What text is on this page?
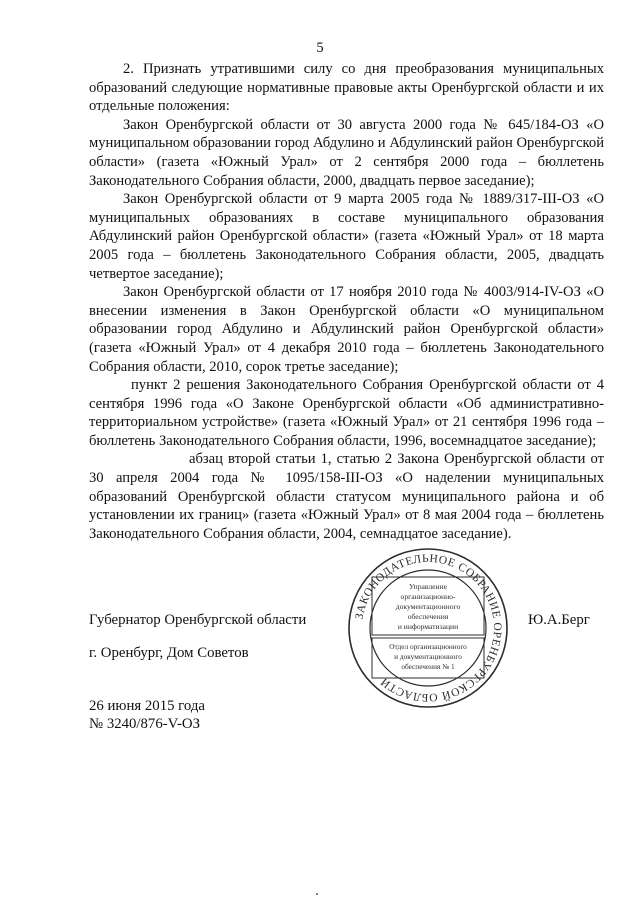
5

2. Признать утратившими силу со дня преобразования муниципальных образований следующие нормативные правовые акты Оренбургской области и их отдельные положения:

Закон Оренбургской области от 30 августа 2000 года № 645/184-ОЗ «О муниципальном образовании город Абдулино и Абдулинский район Оренбургской области» (газета «Южный Урал» от 2 сентября 2000 года – бюллетень Законодательного Собрания области, 2000, двадцать первое заседание);

Закон Оренбургской области от 9 марта 2005 года № 1889/317-III-ОЗ «О муниципальных образованиях в составе муниципального образования Абдулинский район Оренбургской области» (газета «Южный Урал» от 18 марта 2005 года – бюллетень Законодательного Собрания области, 2005, двадцать четвертое заседание);

Закон Оренбургской области от 17 ноября 2010 года № 4003/914-IV-ОЗ «О внесении изменения в Закон Оренбургской области «О муниципальном образовании город Абдулино и Абдулинский район Оренбургской области» (газета «Южный Урал» от 4 декабря 2010 года – бюллетень Законодательного Собрания области, 2010, сорок третье заседание);

пункт 2 решения Законодательного Собрания Оренбургской области от 4 сентября 1996 года «О Законе Оренбургской области «Об административно-территориальном устройстве» (газета «Южный Урал» от 21 сентября 1996 года – бюллетень Законодательного Собрания области, 1996, восемнадцатое заседание);

абзац второй статьи 1, статью 2 Закона Оренбургской области от 30 апреля 2004 года № 1095/158-III-ОЗ «О наделении муниципальных образований Оренбургской области статусом муниципального района и об установлении их границ» (газета «Южный Урал» от 8 мая 2004 года – бюллетень Законодательного Собрания области, 2004, семнадцатое заседание).

Губернатор Оренбургской области	Ю.А.Берг
г. Оренбург, Дом Советов
26 июня 2015 года
№ 3240/876-V-ОЗ
ЗАКОНОДАТЕЛЬНОЕ СОБРАНИЕ ОРЕНБУРГСКОЙ ОБЛАСТИ
Управление
организационно-
документационного
обеспечения
и информатизации
Отдел организационного
и документационного
обеспечения № 1
